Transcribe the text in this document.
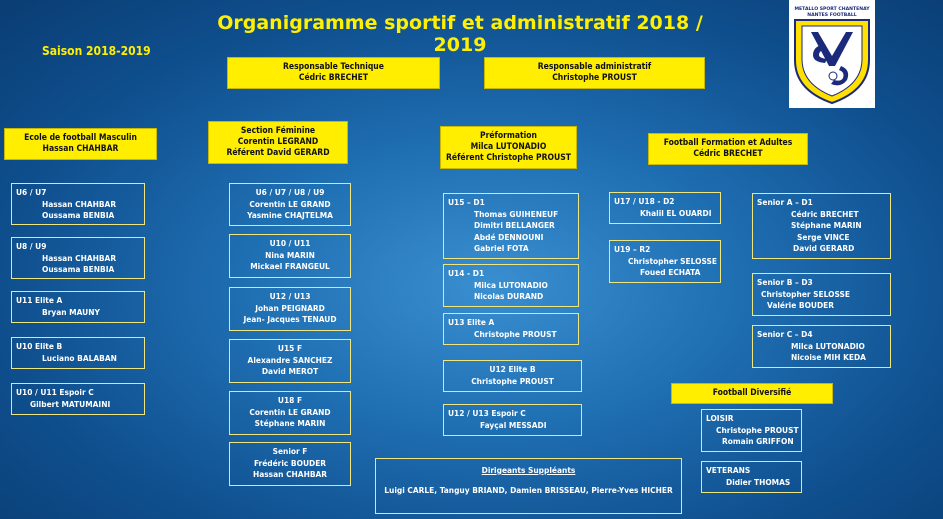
Organigramme sportif et administratif 2018 / 2019
Saison 2018-2019
METALLO SPORT CHANTENAY
NANTES FOOTBALL
Responsable Technique
Cédric BRECHET
Responsable administratif
Christophe PROUST
Ecole de football Masculin
Hassan CHAHBAR
Section Féminine
Corentin LEGRAND
Référent David GERARD
Préformation
Milca LUTONADIO
Référent Christophe PROUST
Football Formation et Adultes
Cédric BRECHET
Football Diversifié
U6 / U7
Hassan CHAHBAR
Oussama BENBIA
U8 / U9
Hassan CHAHBAR
Oussama BENBIA
U11 Elite A
Bryan MAUNY
U10 Elite B
Luciano BALABAN
U10 / U11 Espoir C
Gilbert MATUMAINI
U6 / U7 / U8 / U9
Corentin LE GRAND
Yasmine CHAJTELMA
U10 / U11
Nina MARIN
Mickael FRANGEUL
U12 / U13
Johan PEIGNARD
Jean- Jacques TENAUD
U15 F
Alexandre SANCHEZ
David MEROT
U18 F
Corentin LE GRAND
Stéphane MARIN
Senior F
Frédéric BOUDER
Hassan CHAHBAR
U15 – D1
Thomas GUIHENEUF
Dimitri BELLANGER
Abdé DENNOUNI
Gabriel FOTA
U14 - D1
Milca LUTONADIO
Nicolas DURAND
U13 Elite A
Christophe PROUST
U12 Elite B
Christophe PROUST
U12 / U13 Espoir C
Fayçal MESSADI
U17 / U18 - D2
Khalil EL OUARDI
U19 – R2
Christopher SELOSSE
Foued ECHATA
Senior A – D1
Cédric BRECHET
Stéphane MARIN
Serge VINCE
David GERARD
Senior B – D3
Christopher SELOSSE
Valérie BOUDER
Senior C – D4
Milca LUTONADIO
Nicoise MIH KEDA
LOISIR
Christophe PROUST
Romain GRIFFON
VETERANS
Didier THOMAS
Dirigeants Suppléants
Luigi CARLE, Tanguy BRIAND, Damien BRISSEAU, Pierre-Yves HICHER
